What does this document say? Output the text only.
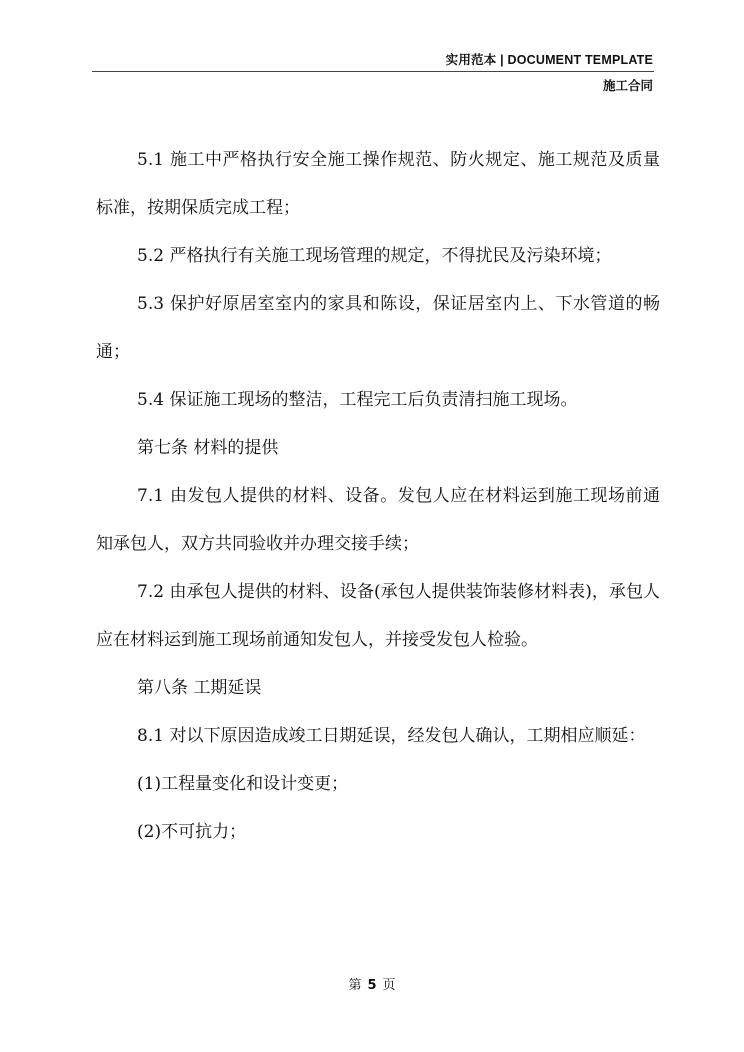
实用范本 | DOCUMENT TEMPLATE
施工合同

5.1 施工中严格执行安全施工操作规范、防火规定、施工规范及质量标准，按期保质完成工程；

5.2 严格执行有关施工现场管理的规定，不得扰民及污染环境；

5.3 保护好原居室室内的家具和陈设，保证居室内上、下水管道的畅通；

5.4 保证施工现场的整洁，工程完工后负责清扫施工现场。

第七条 材料的提供

7.1 由发包人提供的材料、设备。发包人应在材料运到施工现场前通知承包人，双方共同验收并办理交接手续；

7.2 由承包人提供的材料、设备(承包人提供装饰装修材料表)，承包人应在材料运到施工现场前通知发包人，并接受发包人检验。

第八条 工期延误

8.1 对以下原因造成竣工日期延误，经发包人确认，工期相应顺延：

(1)工程量变化和设计变更；

(2)不可抗力；

第 5 页
